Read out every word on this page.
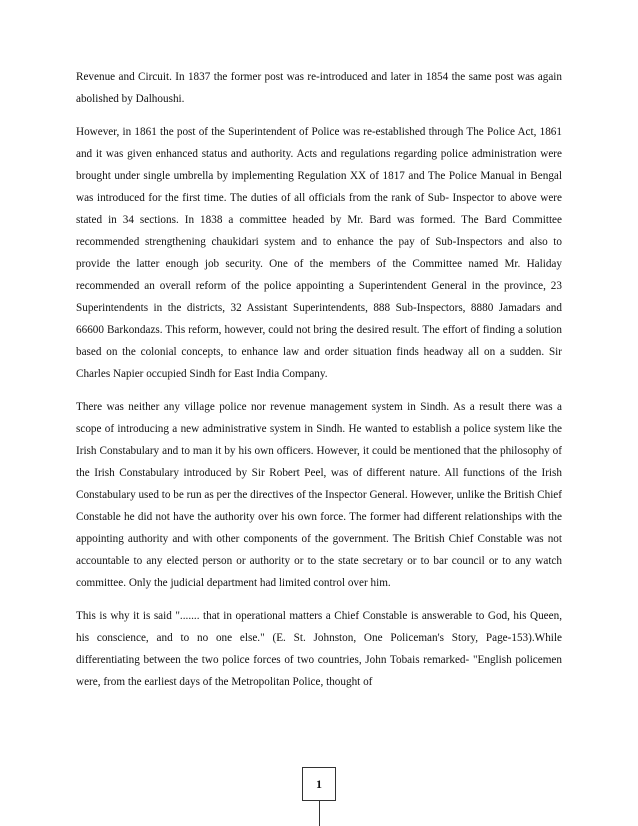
Revenue and Circuit. In 1837 the former post was re-introduced and later in 1854 the same post was again abolished by Dalhoushi.

However, in 1861 the post of the Superintendent of Police was re-established through The Police Act, 1861 and it was given enhanced status and authority. Acts and regulations regarding police administration were brought under single umbrella by implementing Regulation XX of 1817 and The Police Manual in Bengal was introduced for the first time. The duties of all officials from the rank of Sub- Inspector to above were stated in 34 sections. In 1838 a committee headed by Mr. Bard was formed. The Bard Committee recommended strengthening chaukidari system and to enhance the pay of Sub-Inspectors and also to provide the latter enough job security. One of the members of the Committee named Mr. Haliday recommended an overall reform of the police appointing a Superintendent General in the province, 23 Superintendents in the districts, 32 Assistant Superintendents, 888 Sub-Inspectors, 8880 Jamadars and 66600 Barkondazs. This reform, however, could not bring the desired result. The effort of finding a solution based on the colonial concepts, to enhance law and order situation finds headway all on a sudden. Sir Charles Napier occupied Sindh for East India Company.

There was neither any village police nor revenue management system in Sindh. As a result there was a scope of introducing a new administrative system in Sindh. He wanted to establish a police system like the Irish Constabulary and to man it by his own officers. However, it could be mentioned that the philosophy of the Irish Constabulary introduced by Sir Robert Peel, was of different nature. All functions of the Irish Constabulary used to be run as per the directives of the Inspector General. However, unlike the British Chief Constable he did not have the authority over his own force. The former had different relationships with the appointing authority and with other components of the government. The British Chief Constable was not accountable to any elected person or authority or to the state secretary or to bar council or to any watch committee. Only the judicial department had limited control over him.

This is why it is said "....... that in operational matters a Chief Constable is answerable to God, his Queen, his conscience, and to no one else." (E. St. Johnston, One Policeman's Story, Page-153).While differentiating between the two police forces of two countries, John Tobais remarked- "English policemen were, from the earliest days of the Metropolitan Police, thought of

1
